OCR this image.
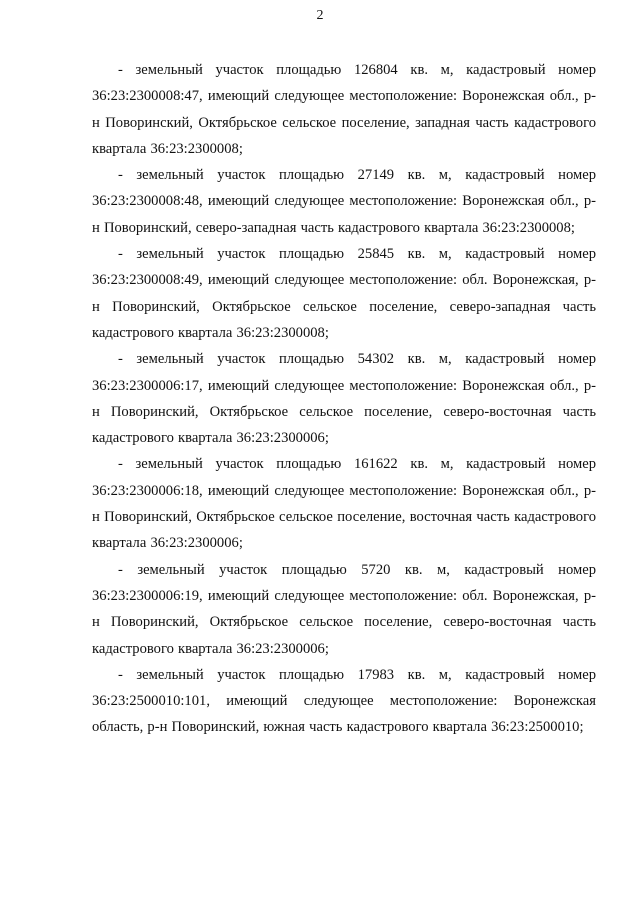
2

- земельный участок площадью 126804 кв. м, кадастровый номер 36:23:2300008:47, имеющий следующее местоположение: Воронежская обл., р-н Поворинский, Октябрьское сельское поселение, западная часть кадастрового квартала 36:23:2300008;

- земельный участок площадью 27149 кв. м, кадастровый номер 36:23:2300008:48, имеющий следующее местоположение: Воронежская обл., р-н Поворинский, северо-западная часть кадастрового квартала 36:23:2300008;

- земельный участок площадью 25845 кв. м, кадастровый номер 36:23:2300008:49, имеющий следующее местоположение: обл. Воронежская, р-н Поворинский, Октябрьское сельское поселение, северо-западная часть кадастрового квартала 36:23:2300008;

- земельный участок площадью 54302 кв. м, кадастровый номер 36:23:2300006:17, имеющий следующее местоположение: Воронежская обл., р-н Поворинский, Октябрьское сельское поселение, северо-восточная часть кадастрового квартала 36:23:2300006;

- земельный участок площадью 161622 кв. м, кадастровый номер 36:23:2300006:18, имеющий следующее местоположение: Воронежская обл., р-н Поворинский, Октябрьское сельское поселение, восточная часть кадастрового квартала 36:23:2300006;

- земельный участок площадью 5720 кв. м, кадастровый номер 36:23:2300006:19, имеющий следующее местоположение: обл. Воронежская, р-н Поворинский, Октябрьское сельское поселение, северо-восточная часть кадастрового квартала 36:23:2300006;

- земельный участок площадью 17983 кв. м, кадастровый номер 36:23:2500010:101, имеющий следующее местоположение: Воронежская область, р-н Поворинский, южная часть кадастрового квартала 36:23:2500010;
